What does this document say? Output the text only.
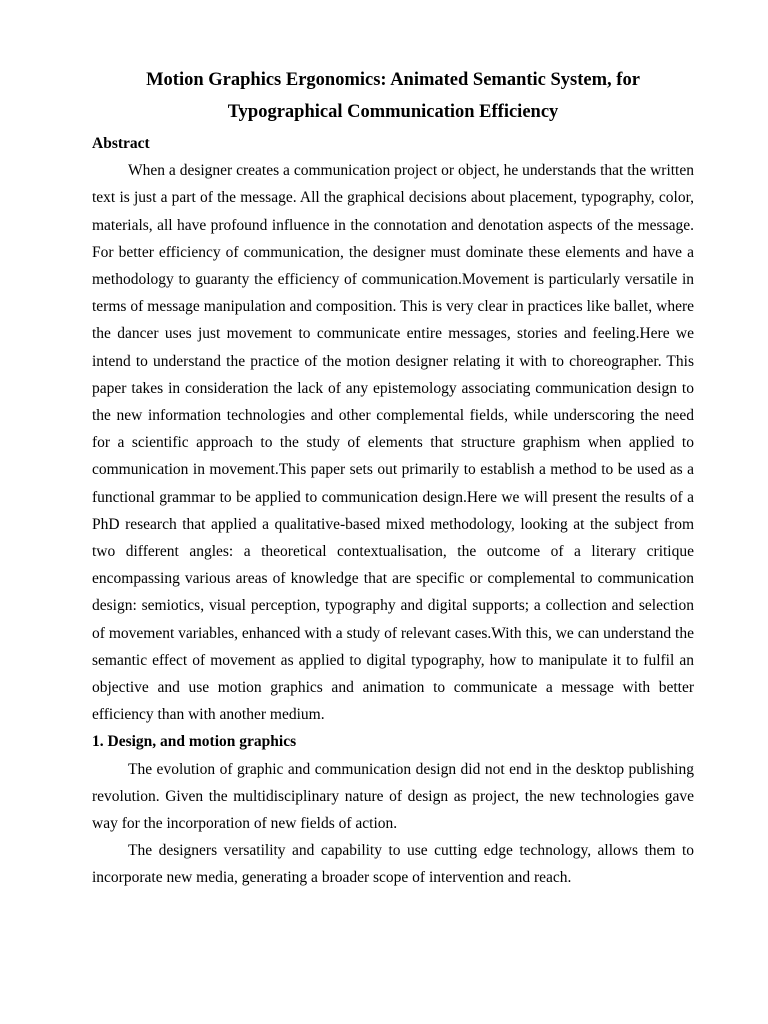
Motion Graphics Ergonomics: Animated Semantic System, for
Typographical Communication Efficiency
Abstract

When a designer creates a communication project or object, he understands that the written text is just a part of the message. All the graphical decisions about placement, typography, color, materials, all have profound influence in the connotation and denotation aspects of the message. For better efficiency of communication, the designer must dominate these elements and have a methodology to guaranty the efficiency of communication.Movement is particularly versatile in terms of message manipulation and composition. This is very clear in practices like ballet, where the dancer uses just movement to communicate entire messages, stories and feeling.Here we intend to understand the practice of the motion designer relating it with to choreographer. This paper takes in consideration the lack of any epistemology associating communication design to the new information technologies and other complemental fields, while underscoring the need for a scientific approach to the study of elements that structure graphism when applied to communication in movement.This paper sets out primarily to establish a method to be used as a functional grammar to be applied to communication design.Here we will present the results of a PhD research that applied a qualitative-based mixed methodology, looking at the subject from two different angles: a theoretical contextualisation, the outcome of a literary critique encompassing various areas of knowledge that are specific or complemental to communication design: semiotics, visual perception, typography and digital supports; a collection and selection of movement variables, enhanced with a study of relevant cases.With this, we can understand the semantic effect of movement as applied to digital typography, how to manipulate it to fulfil an objective and use motion graphics and animation to communicate a message with better efficiency than with another medium.

1. Design, and motion graphics

The evolution of graphic and communication design did not end in the desktop publishing revolution. Given the multidisciplinary nature of design as project, the new technologies gave way for the incorporation of new fields of action.

The designers versatility and capability to use cutting edge technology, allows them to incorporate new media, generating a broader scope of intervention and reach.
